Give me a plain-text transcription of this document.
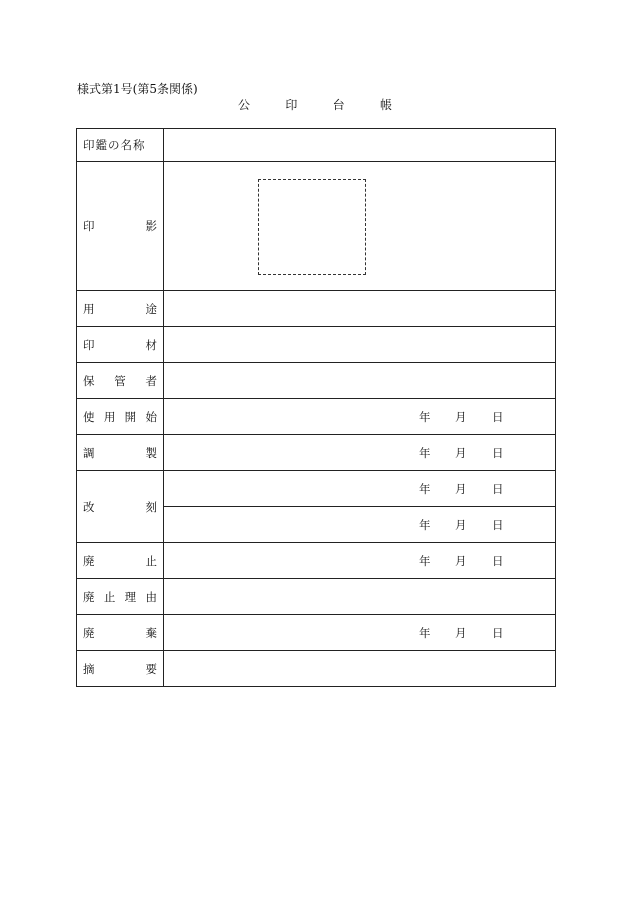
様式第1号(第5条関係)
公	印	台	帳
印鑑の名称	

印 影	

用 途	

印 材	

保 管 者	

使 用 開 始	年 月 日

調 製	年 月 日

改 刻	年 月 日

	年 月 日

廃 止	年 月 日

廃 止 理 由	

廃 棄	年 月 日

摘 要	
